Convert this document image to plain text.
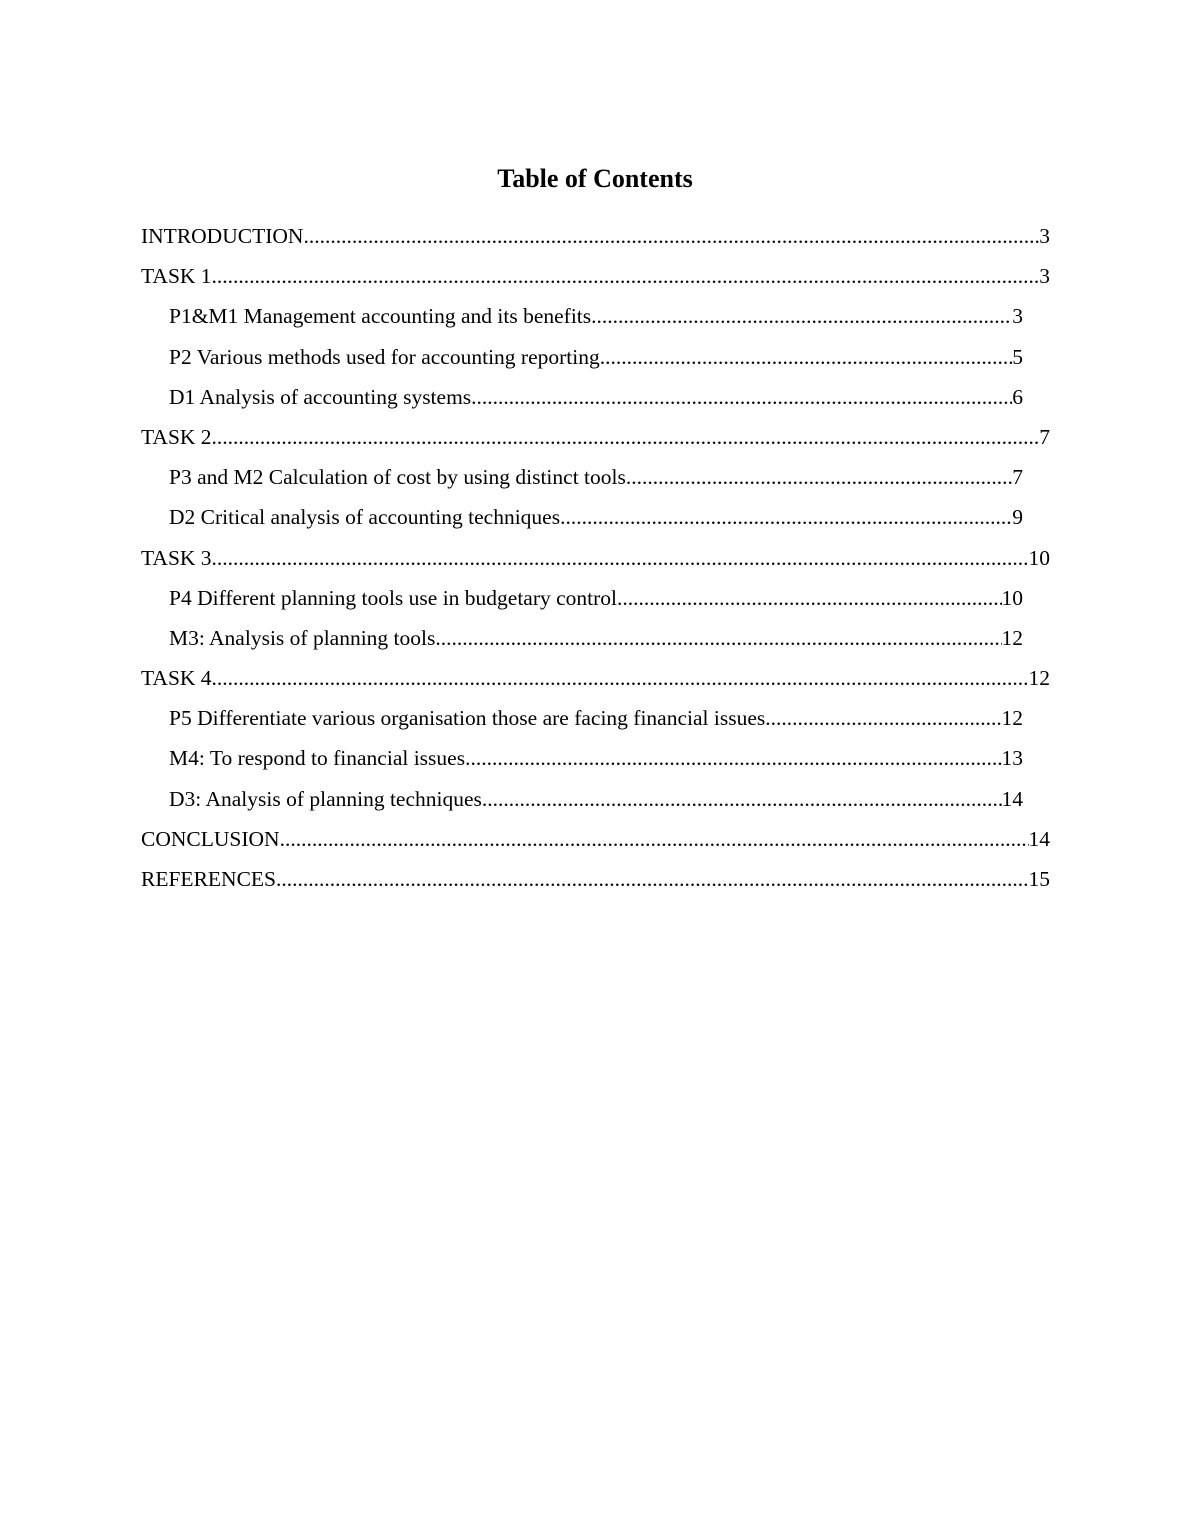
Table of Contents
INTRODUCTION .....	3
TASK 1 .....	3
P1&M1 Management accounting and its benefits .....	3
P2 Various methods used for accounting reporting .....	5
D1 Analysis of accounting systems .....	6
TASK 2 .....	7
P3 and M2 Calculation of cost by using distinct tools .....	7
D2 Critical analysis of accounting techniques .....	9
TASK 3 .....	10
P4 Different planning tools use in budgetary control .....	10
M3: Analysis of planning tools .....	12
TASK 4 .....	12
P5 Differentiate various organisation those are facing financial issues .....	12
M4: To respond to financial issues .....	13
D3: Analysis of planning techniques .....	14
CONCLUSION .....	14
REFERENCES .....	15
